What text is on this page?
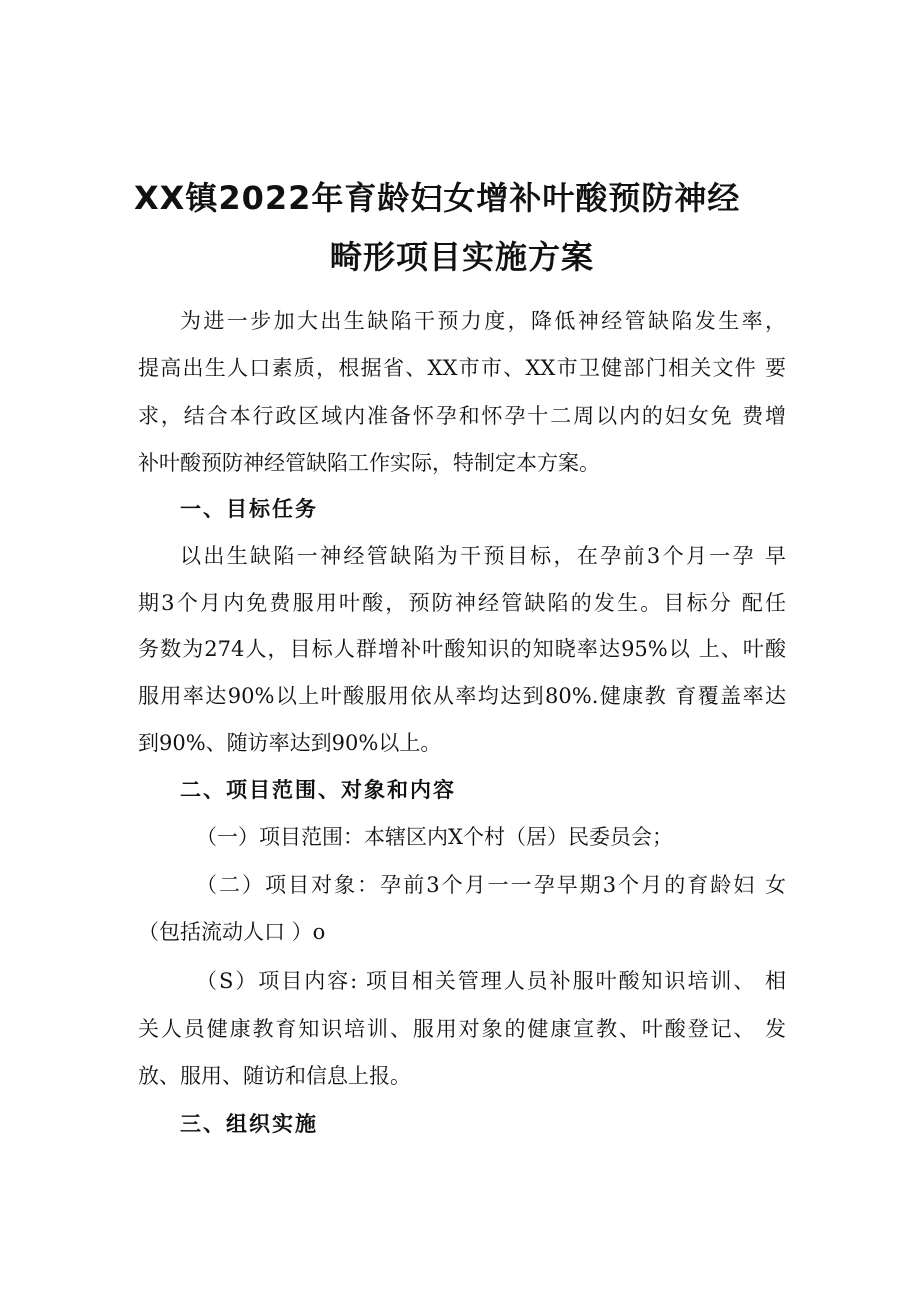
XX镇2022年育龄妇女增补叶酸预防神经
畸形项目实施方案
为进一步加大出生缺陷干预力度，降低神经管缺陷发生率，
提高出生人口素质，根据省、XX市市、XX市卫健部门相关文件 要
求，结合本行政区域内准备怀孕和怀孕十二周以内的妇女免 费增
补叶酸预防神经管缺陷工作实际，特制定本方案。
一、目标任务
以出生缺陷一神经管缺陷为干预目标，在孕前3个月一孕 早
期3个月内免费服用叶酸，预防神经管缺陷的发生。目标分 配任
务数为274人，目标人群增补叶酸知识的知晓率达95%以 上、叶酸
服用率达90%以上叶酸服用依从率均达到80%.健康教 育覆盖率达
到90%、随访率达到90%以上。
二、项目范围、对象和内容
（一）项目范围：本辖区内X个村（居）民委员会；
（二）项目对象：孕前3个月一一孕早期3个月的育龄妇 女
（包括流动人口 ）o
（S）项目内容: 项目相关管理人员补服叶酸知识培训、 相
关人员健康教育知识培训、服用对象的健康宣教、叶酸登记、 发
放、服用、随访和信息上报。
三、组织实施
